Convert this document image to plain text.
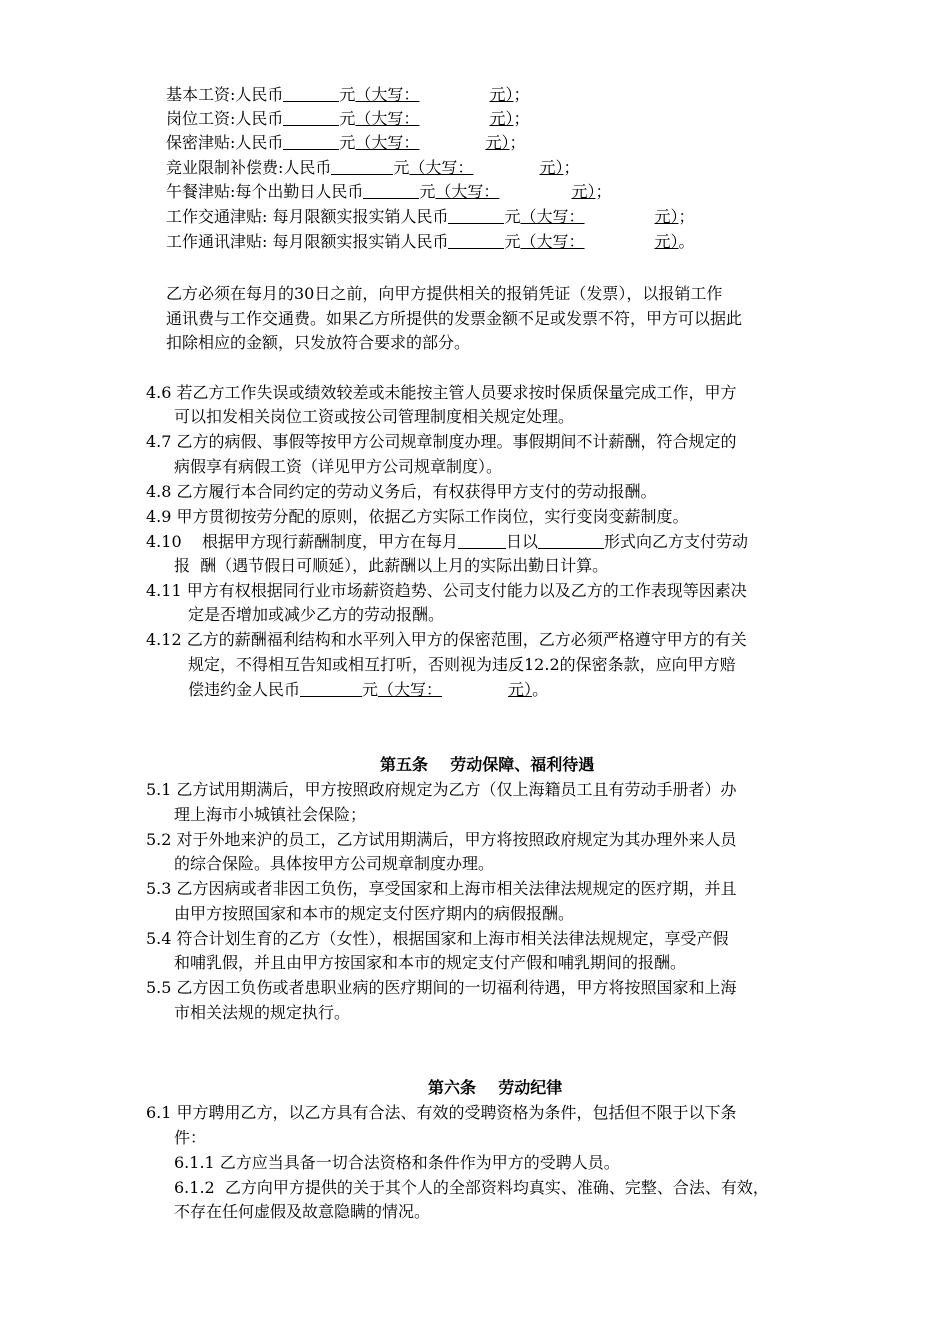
基本工资:人民币	元（大写：	元）；
岗位工资:人民币	元（大写：	元）；
保密津贴:人民币	元（大写：	元）；
竞业限制补偿费:人民币	元（大写：	元）；
午餐津贴:每个出勤日人民币	元（大写：	元）；
工作交通津贴: 每月限额实报实销人民币	元（大写：	元）；
工作通讯津贴: 每月限额实报实销人民币	元（大写：	元）。
乙方必须在每月的30日之前，向甲方提供相关的报销凭证（发票），以报销工作
通讯费与工作交通费。如果乙方所提供的发票金额不足或发票不符，甲方可以据此
扣除相应的金额，只发放符合要求的部分。
4.6 若乙方工作失误或绩效较差或未能按主管人员要求按时保质保量完成工作，甲方
可以扣发相关岗位工资或按公司管理制度相关规定处理。
4.7 乙方的病假、事假等按甲方公司规章制度办理。事假期间不计薪酬，符合规定的
病假享有病假工资（详见甲方公司规章制度）。
4.8 乙方履行本合同约定的劳动义务后，有权获得甲方支付的劳动报酬。
4.9 甲方贯彻按劳分配的原则，依据乙方实际工作岗位，实行变岗变薪制度。
4.10    根据甲方现行薪酬制度，甲方在每月	日以	形式向乙方支付劳动
报  酬（遇节假日可顺延），此薪酬以上月的实际出勤日计算。
4.11 甲方有权根据同行业市场薪资趋势、公司支付能力以及乙方的工作表现等因素决
定是否增加或减少乙方的劳动报酬。
4.12 乙方的薪酬福利结构和水平列入甲方的保密范围，乙方必须严格遵守甲方的有关
规定，不得相互告知或相互打听，否则视为违反12.2的保密条款，应向甲方赔
偿违约金人民币	元（大写：	元）。
第五条    劳动保障、福利待遇
5.1 乙方试用期满后，甲方按照政府规定为乙方（仅上海籍员工且有劳动手册者）办
理上海市小城镇社会保险；
5.2 对于外地来沪的员工，乙方试用期满后，甲方将按照政府规定为其办理外来人员
的综合保险。具体按甲方公司规章制度办理。
5.3 乙方因病或者非因工负伤，享受国家和上海市相关法律法规规定的医疗期，并且
由甲方按照国家和本市的规定支付医疗期内的病假报酬。
5.4 符合计划生育的乙方（女性），根据国家和上海市相关法律法规规定，享受产假
和哺乳假，并且由甲方按国家和本市的规定支付产假和哺乳期间的报酬。
5.5 乙方因工负伤或者患职业病的医疗期间的一切福利待遇，甲方将按照国家和上海
市相关法规的规定执行。
第六条    劳动纪律
6.1 甲方聘用乙方，以乙方具有合法、有效的受聘资格为条件，包括但不限于以下条
件：
6.1.1 乙方应当具备一切合法资格和条件作为甲方的受聘人员。
6.1.2  乙方向甲方提供的关于其个人的全部资料均真实、准确、完整、合法、有效，
不存在任何虚假及故意隐瞒的情况。
